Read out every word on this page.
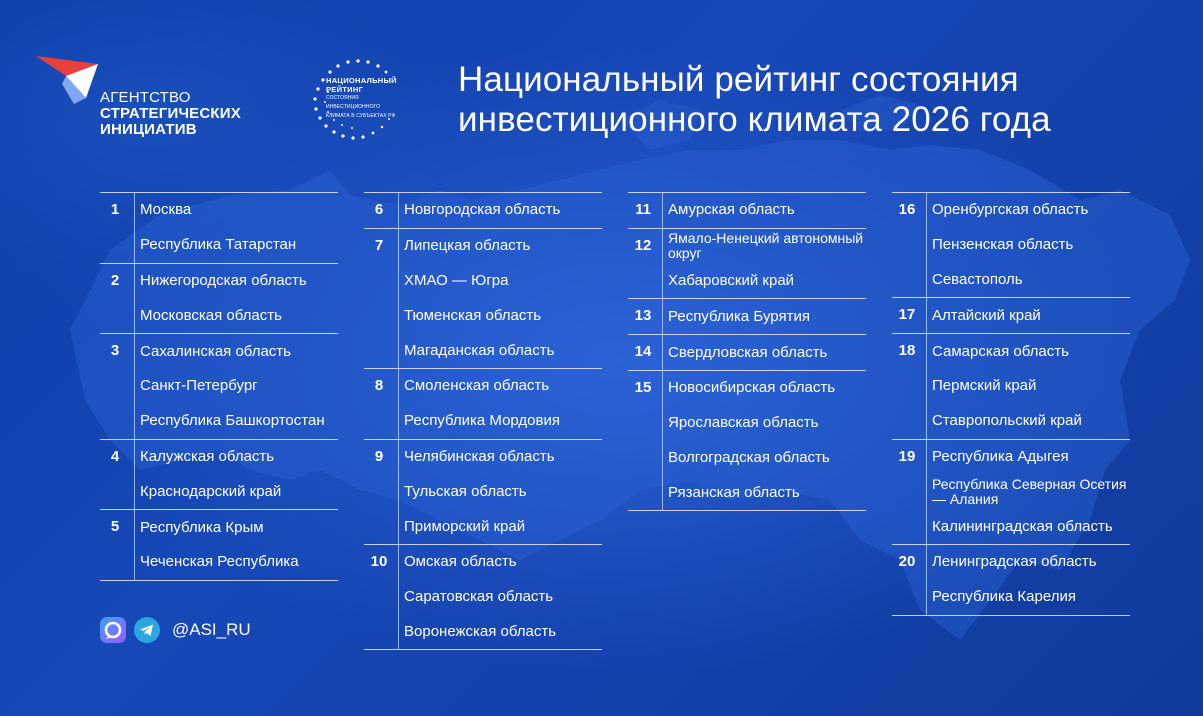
АГЕНТСТВО
СТРАТЕГИЧЕСКИХ
ИНИЦИАТИВ
НАЦИОНАЛЬНЫЙ
РЕЙТИНГ
СОСТОЯНИЯ
ИНВЕСТИЦИОННОГО
КЛИМАТА В СУБЪЕКТАХ РФ
Национальный рейтинг состояния
инвестиционного климата 2026 года
1	Москва
Республика Татарстан
2	Нижегородская область
Московская область
3	Сахалинская область
Санкт-Петербург
Республика Башкортостан
4	Калужская область
Краснодарский край
5	Республика Крым
Чеченская Республика
6	Новгородская область
7	Липецкая область
ХМАО — Югра
Тюменская область
Магаданская область
8	Смоленская область
Республика Мордовия
9	Челябинская область
Тульская область
Приморский край
10	Омская область
Саратовская область
Воронежская область
11	Амурская область
12	Ямало-Ненецкий автономный округ
Хабаровский край
13	Республика Бурятия
14	Свердловская область
15	Новосибирская область
Ярославская область
Волгоградская область
Рязанская область
16	Оренбургская область
Пензенская область
Севастополь
17	Алтайский край
18	Самарская область
Пермский край
Ставропольский край
19	Республика Адыгея
Республика Северная Осетия — Алания
Калининградская область
20	Ленинградская область
Республика Карелия
@ASI_RU
